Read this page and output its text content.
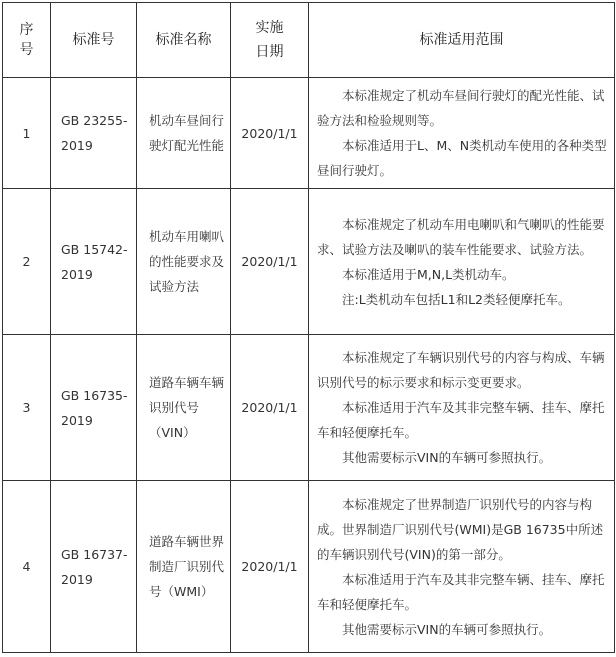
序号	标准号	标准名称	实施日期	标准适用范围
1	GB 23255-2019	机动车昼间行驶灯配光性能	2020/1/1	本标准规定了机动车昼间行驶灯的配光性能、试验方法和检验规则等。

本标准适用于L、M、N类机动车使用的各种类型昼间行驶灯。

2	GB 15742-2019	机动车用喇叭的性能要求及试验方法	2020/1/1	本标准规定了机动车用电喇叭和气喇叭的性能要求、试验方法及喇叭的装车性能要求、试验方法。

本标准适用于M,N,L类机动车。

注:L类机动车包括L1和L2类轻便摩托车。

3	GB 16735-2019	道路车辆车辆识别代号（VIN）	2020/1/1	本标准规定了车辆识别代号的内容与构成、车辆识别代号的标示要求和标示变更要求。

本标准适用于汽车及其非完整车辆、挂车、摩托车和轻便摩托车。

其他需要标示VIN的车辆可参照执行。

4	GB 16737-2019	道路车辆世界制造厂识别代号（WMI）	2020/1/1	本标准规定了世界制造厂识别代号的内容与构成。世界制造厂识别代号(WMI)是GB 16735中所述的车辆识别代号(VIN)的第一部分。

本标准适用于汽车及其非完整车辆、挂车、摩托车和轻便摩托车。

其他需要标示VIN的车辆可参照执行。
